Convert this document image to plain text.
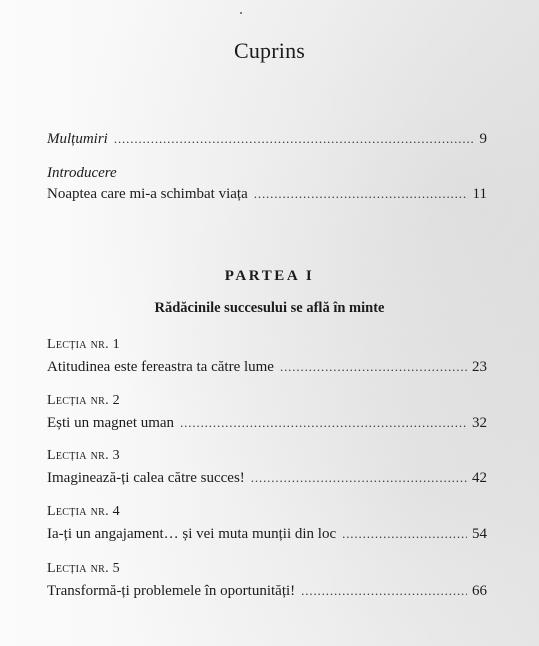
Cuprins
Mulțumiri . . .	9
Introducere
Noaptea care mi-a schimbat viața . . .	11
PARTEA I
Rădăcinile succesului se află în minte
Lecția nr. 1
Atitudinea este fereastra ta către lume . . .	23
Lecția nr. 2
Ești un magnet uman . . .	32
Lecția nr. 3
Imaginează-ți calea către succes! . . .	42
Lecția nr. 4
Ia-ți un angajament… și vei muta munții din loc . . .	54
Lecția nr. 5
Transformă-ți problemele în oportunități! . . .	66
